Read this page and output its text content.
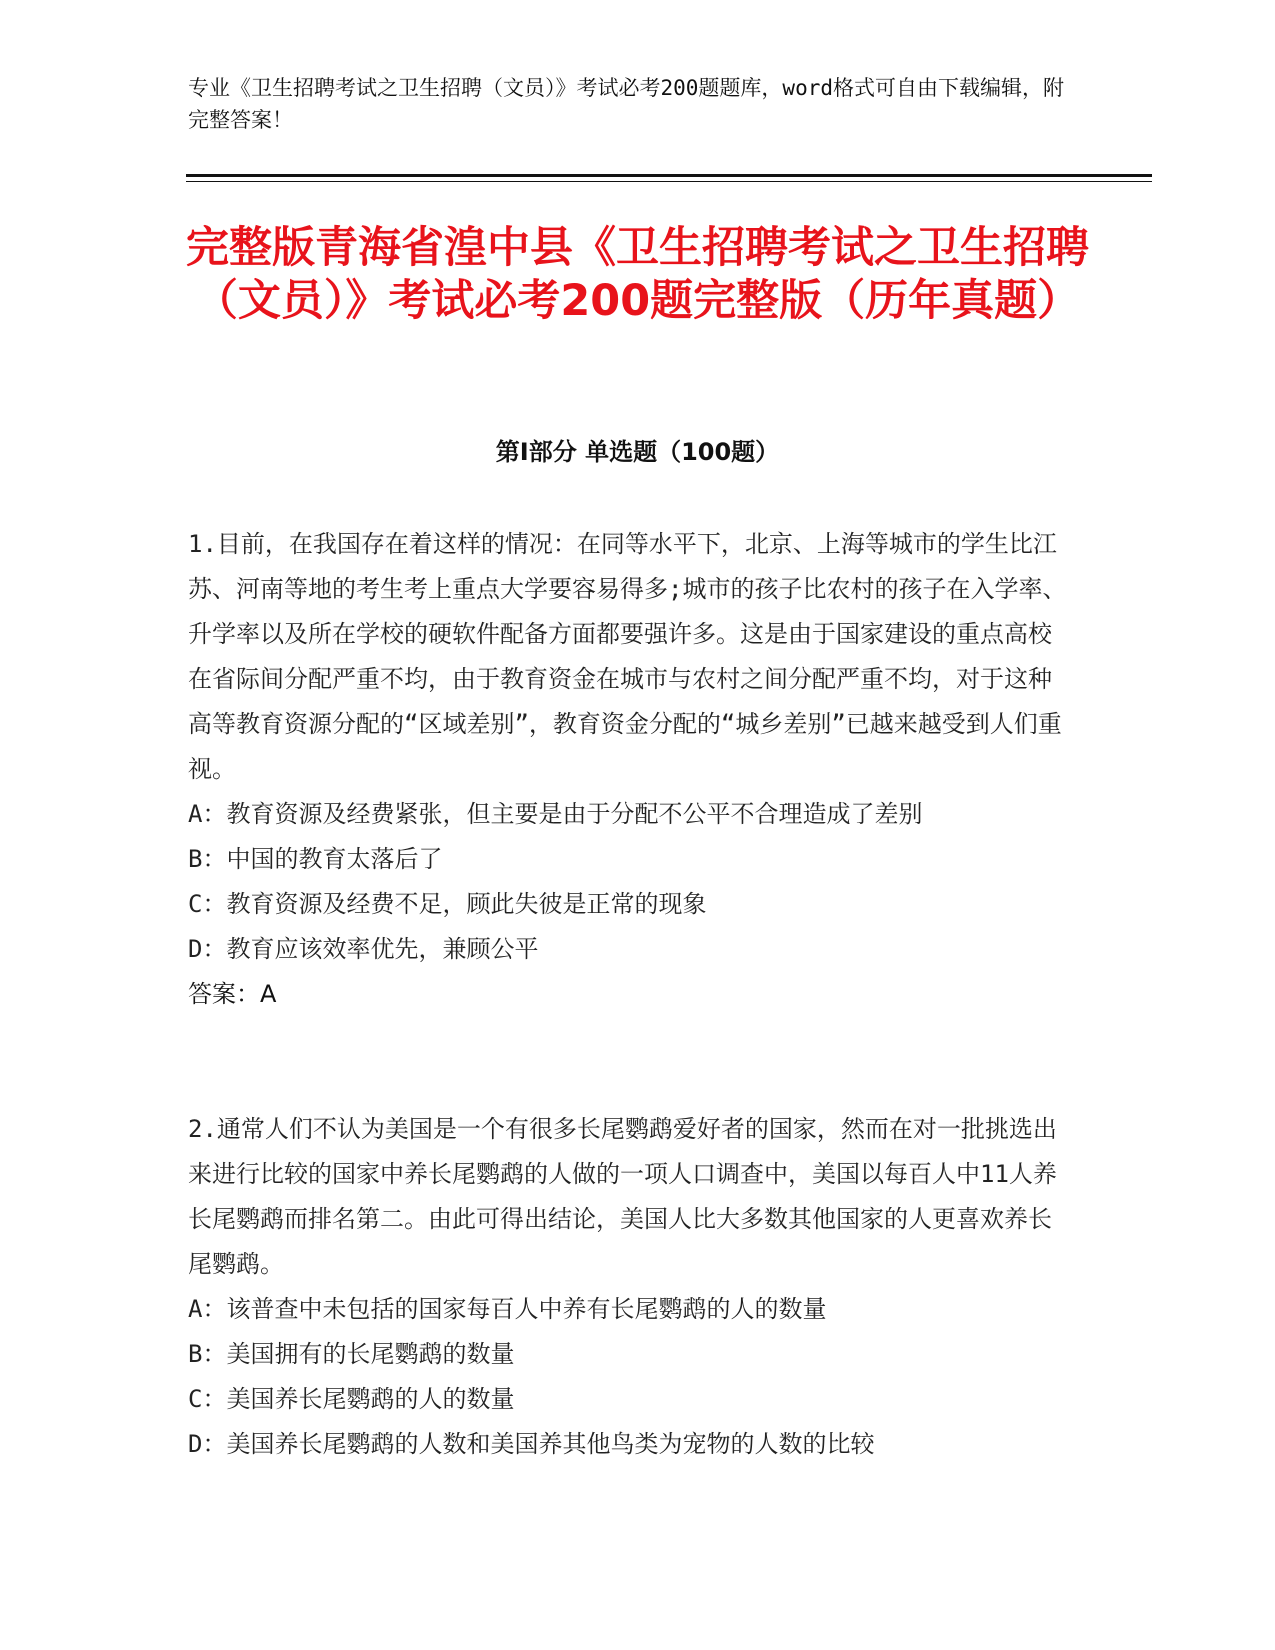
专业《卫生招聘考试之卫生招聘（文员）》考试必考200题题库，word格式可自由下载编辑，附完整答案！
完整版青海省湟中县《卫生招聘考试之卫生招聘（文员）》考试必考200题完整版（历年真题）
第Ⅰ部分 单选题（100题）

1.目前，在我国存在着这样的情况：在同等水平下，北京、上海等城市的学生比江苏、河南等地的考生考上重点大学要容易得多;城市的孩子比农村的孩子在入学率、升学率以及所在学校的硬软件配备方面都要强许多。这是由于国家建设的重点高校在省际间分配严重不均，由于教育资金在城市与农村之间分配严重不均，对于这种高等教育资源分配的“区域差别”，教育资金分配的“城乡差别”已越来越受到人们重视。

A：教育资源及经费紧张，但主要是由于分配不公平不合理造成了差别

B：中国的教育太落后了

C：教育资源及经费不足，顾此失彼是正常的现象

D：教育应该效率优先，兼顾公平

答案：A

2.通常人们不认为美国是一个有很多长尾鹦鹉爱好者的国家，然而在对一批挑选出来进行比较的国家中养长尾鹦鹉的人做的一项人口调查中，美国以每百人中11人养长尾鹦鹉而排名第二。由此可得出结论，美国人比大多数其他国家的人更喜欢养长尾鹦鹉。

A：该普查中未包括的国家每百人中养有长尾鹦鹉的人的数量

B：美国拥有的长尾鹦鹉的数量

C：美国养长尾鹦鹉的人的数量

D：美国养长尾鹦鹉的人数和美国养其他鸟类为宠物的人数的比较
